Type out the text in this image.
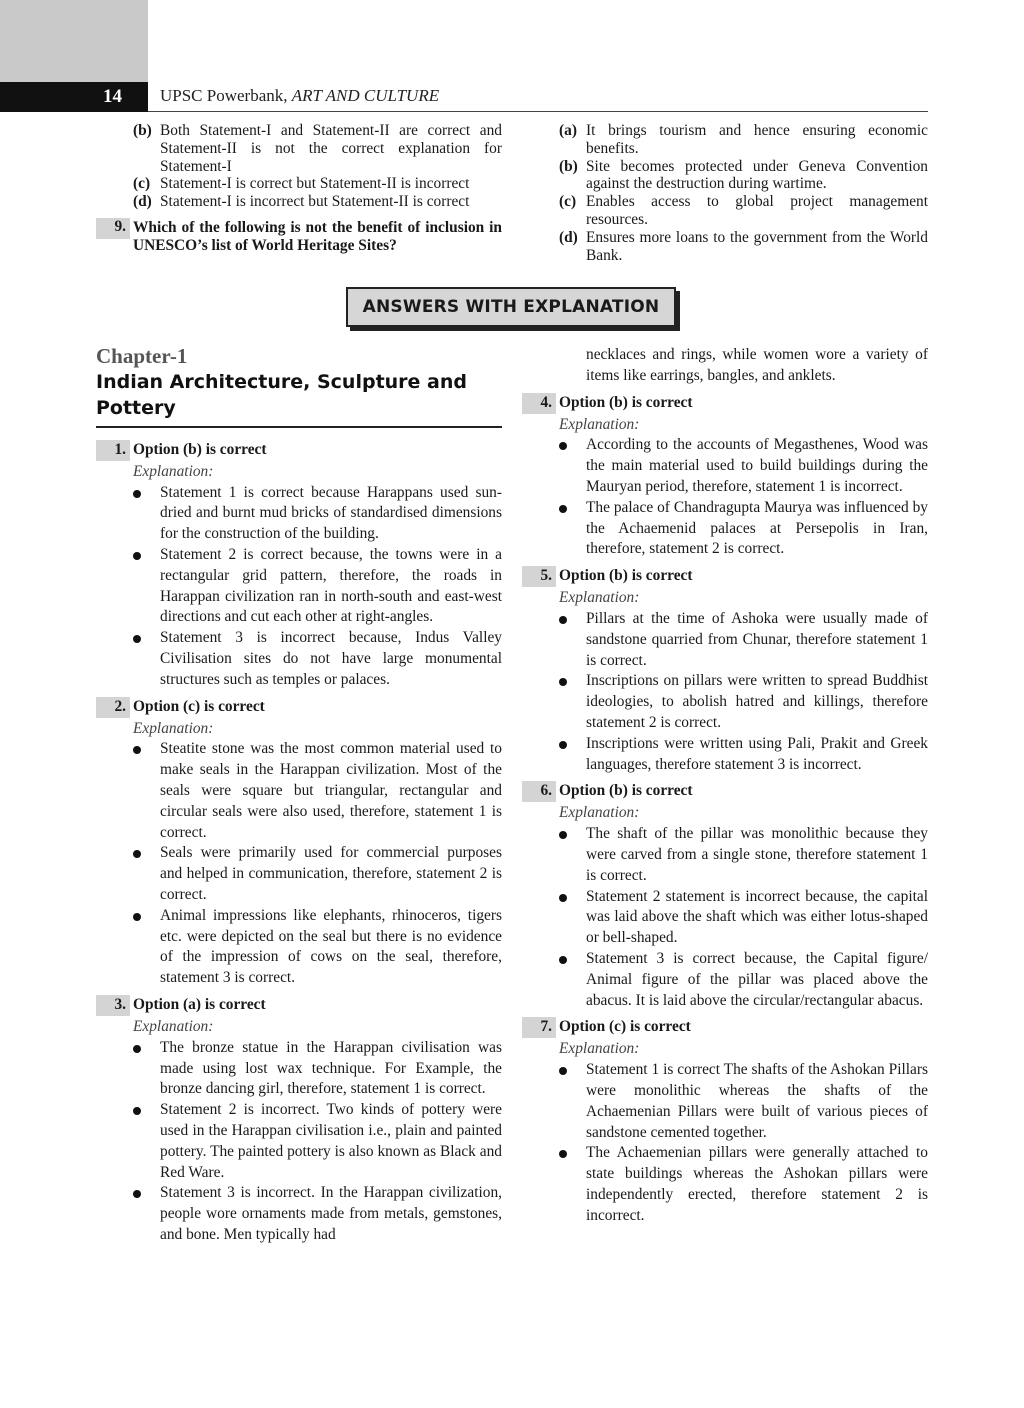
14	UPSC Powerbank, ART AND CULTURE
(b) Both Statement-I and Statement-II are correct and Statement-II is not the correct explanation for Statement-I
(c) Statement-I is correct but Statement-II is incorrect
(d) Statement-I is incorrect but Statement-II is correct
9. Which of the following is not the benefit of inclusion in UNESCO’s list of World Heritage Sites?
(a) It brings tourism and hence ensuring economic benefits.
(b) Site becomes protected under Geneva Convention against the destruction during wartime.
(c) Enables access to global project management resources.
(d) Ensures more loans to the government from the World Bank.
ANSWERS WITH EXPLANATION
Chapter-1
Indian Architecture, Sculpture and
Pottery
1. Option (b) is correct
Explanation:
Statement 1 is correct because Harappans used sun-dried and burnt mud bricks of standardised dimensions for the construction of the building.
Statement 2 is correct because, the towns were in a rectangular grid pattern, therefore, the roads in Harappan civilization ran in north-south and east-west directions and cut each other at right-angles.
Statement 3 is incorrect because, Indus Valley Civilisation sites do not have large monumental structures such as temples or palaces.
2. Option (c) is correct
Explanation:
Steatite stone was the most common material used to make seals in the Harappan civilization. Most of the seals were square but triangular, rectangular and circular seals were also used, therefore, statement 1 is correct.
Seals were primarily used for commercial purposes and helped in communication, therefore, statement 2 is correct.
Animal impressions like elephants, rhinoceros, tigers etc. were depicted on the seal but there is no evidence of the impression of cows on the seal, therefore, statement 3 is correct.
3. Option (a) is correct
Explanation:
The bronze statue in the Harappan civilisation was made using lost wax technique. For Example, the bronze dancing girl, therefore, statement 1 is correct.
Statement 2 is incorrect. Two kinds of pottery were used in the Harappan civilisation i.e., plain and painted pottery. The painted pottery is also known as Black and Red Ware.
Statement 3 is incorrect. In the Harappan civilization, people wore ornaments made from metals, gemstones, and bone. Men typically had
necklaces and rings, while women wore a variety of items like earrings, bangles, and anklets.
4. Option (b) is correct
Explanation:
According to the accounts of Megasthenes, Wood was the main material used to build buildings during the Mauryan period, therefore, statement 1 is incorrect.
The palace of Chandragupta Maurya was influenced by the Achaemenid palaces at Persepolis in Iran, therefore, statement 2 is correct.
5. Option (b) is correct
Explanation:
Pillars at the time of Ashoka were usually made of sandstone quarried from Chunar, therefore statement 1 is correct.
Inscriptions on pillars were written to spread Buddhist ideologies, to abolish hatred and killings, therefore statement 2 is correct.
Inscriptions were written using Pali, Prakit and Greek languages, therefore statement 3 is incorrect.
6. Option (b) is correct
Explanation:
The shaft of the pillar was monolithic because they were carved from a single stone, therefore statement 1 is correct.
Statement 2 statement is incorrect because, the capital was laid above the shaft which was either lotus-shaped or bell-shaped.
Statement 3 is correct because, the Capital figure/ Animal figure of the pillar was placed above the abacus. It is laid above the circular/rectangular abacus.
7. Option (c) is correct
Explanation:
Statement 1 is correct The shafts of the Ashokan Pillars were monolithic whereas the shafts of the Achaemenian Pillars were built of various pieces of sandstone cemented together.
The Achaemenian pillars were generally attached to state buildings whereas the Ashokan pillars were independently erected, therefore statement 2 is incorrect.
